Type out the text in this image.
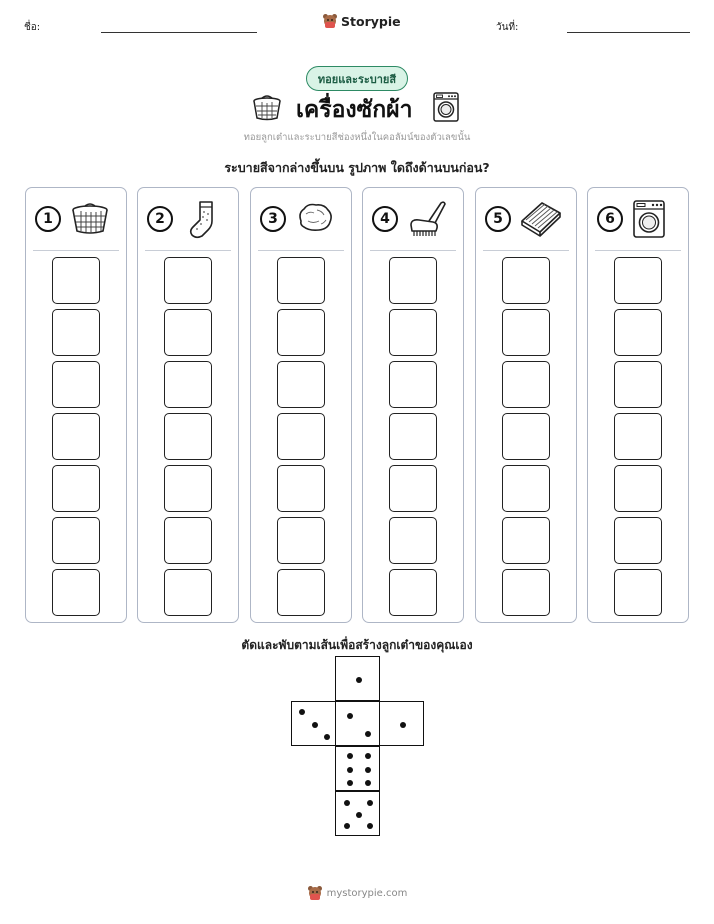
ชื่อ:	Storypie	วันที่:
ทอยและระบายสี
เครื่องซักผ้า
ทอยลูกเต๋าและระบายสีช่องหนึ่งในคอลัมน์ของตัวเลขนั้น
ระบายสีจากล่างขึ้นบน รูปภาพ ใดถึงด้านบนก่อน?
1	2	3	4	5	6
ตัดและพับตามเส้นเพื่อสร้างลูกเต๋าของคุณเอง
mystorypie.com
